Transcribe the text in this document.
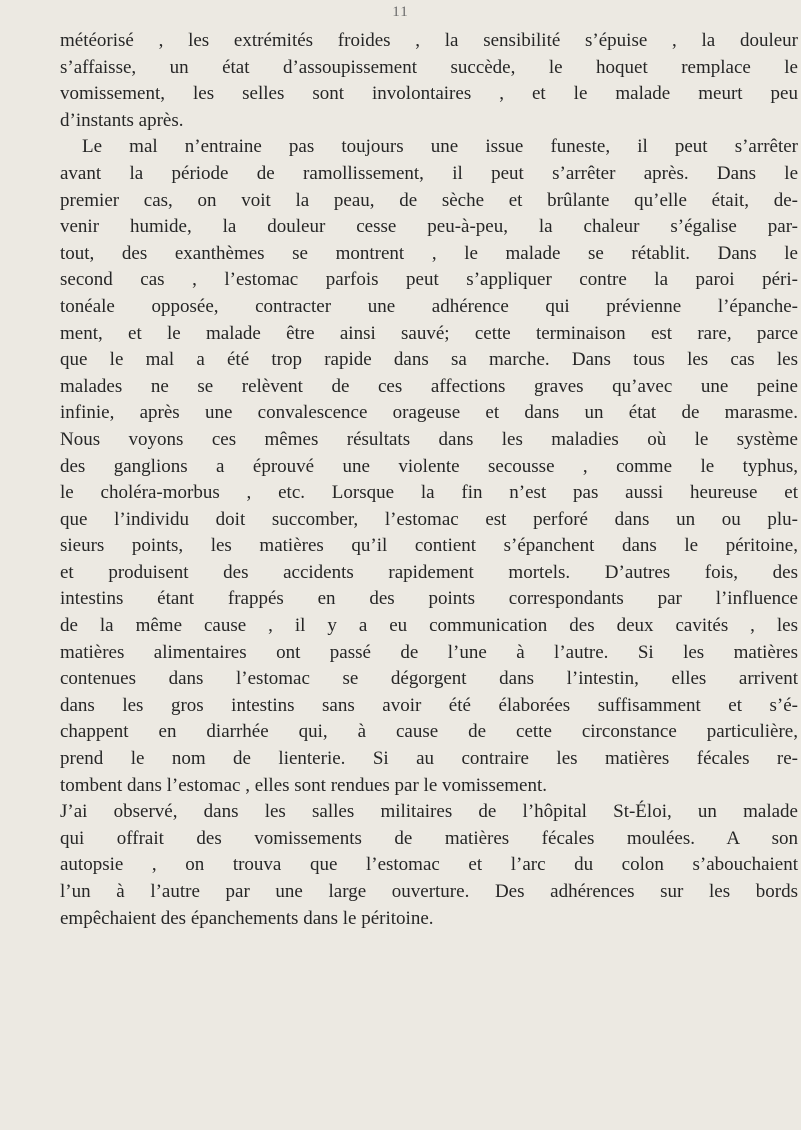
11
météorisé , les extrémités froides , la sensibilité s’épuise , la douleur
s’affaisse, un état d’assoupissement succède, le hoquet remplace le
vomissement, les selles sont involontaires , et le malade meurt peu
d’instants après.
Le mal n’entraine pas toujours une issue funeste, il peut s’arrêter
avant la période de ramollissement, il peut s’arrêter après. Dans le
premier cas, on voit la peau, de sèche et brûlante qu’elle était, de-
venir humide, la douleur cesse peu-à-peu, la chaleur s’égalise par-
tout, des exanthèmes se montrent , le malade se rétablit. Dans le
second cas , l’estomac parfois peut s’appliquer contre la paroi péri-
tonéale opposée, contracter une adhérence qui prévienne l’épanche-
ment, et le malade être ainsi sauvé; cette terminaison est rare, parce
que le mal a été trop rapide dans sa marche. Dans tous les cas les
malades ne se relèvent de ces affections graves qu’avec une peine
infinie, après une convalescence orageuse et dans un état de marasme.
Nous voyons ces mêmes résultats dans les maladies où le système
des ganglions a éprouvé une violente secousse , comme le typhus,
le choléra-morbus , etc. Lorsque la fin n’est pas aussi heureuse et
que l’individu doit succomber, l’estomac est perforé dans un ou plu-
sieurs points, les matières qu’il contient s’épanchent dans le péritoine,
et produisent des accidents rapidement mortels. D’autres fois, des
intestins étant frappés en des points correspondants par l’influence
de la même cause , il y a eu communication des deux cavités , les
matières alimentaires ont passé de l’une à l’autre. Si les matières
contenues dans l’estomac se dégorgent dans l’intestin, elles arrivent
dans les gros intestins sans avoir été élaborées suffisamment et s’é-
chappent en diarrhée qui, à cause de cette circonstance particulière,
prend le nom de lienterie. Si au contraire les matières fécales re-
tombent dans l’estomac , elles sont rendues par le vomissement.
J’ai observé, dans les salles militaires de l’hôpital St-Éloi, un malade
qui offrait des vomissements de matières fécales moulées. A son
autopsie , on trouva que l’estomac et l’arc du colon s’abouchaient
l’un à l’autre par une large ouverture. Des adhérences sur les bords
empêchaient des épanchements dans le péritoine.
